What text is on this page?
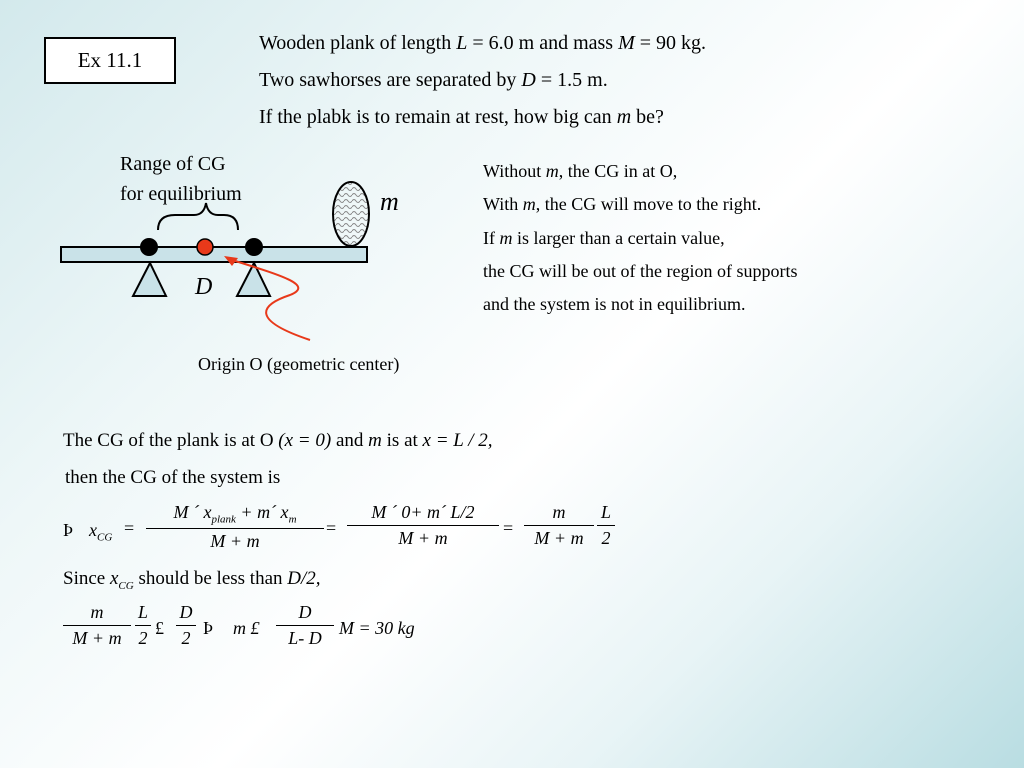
Ex 11.1
Wooden plank of length L = 6.0 m and mass M = 90 kg.
Two sawhorses are separated by D = 1.5 m.
If the plabk is to remain at rest, how big can m be?
Range of CG
for equilibrium	m
D
Origin O (geometric center)
Without m, the CG in at O,
With m, the CG will move to the right.
If m is larger than a certain value,
the CG will be out of the region of supports
and the system is not in equilibrium.
The CG of the plank is at O (x = 0) and m is at x = L / 2,
then the CG of the system is
Þ $x_{CG}$ =
M ´ $x_{plank}$ + m´ $x_m$
M + m
=
M ´ 0+ m´ L/2
M + m	=
m
M + m
L
2
Since $x_{CG}$ should be less than D/2,
m
M + m
L
2 £
D
2 Þ m £
D
L- D M = 30 kg
